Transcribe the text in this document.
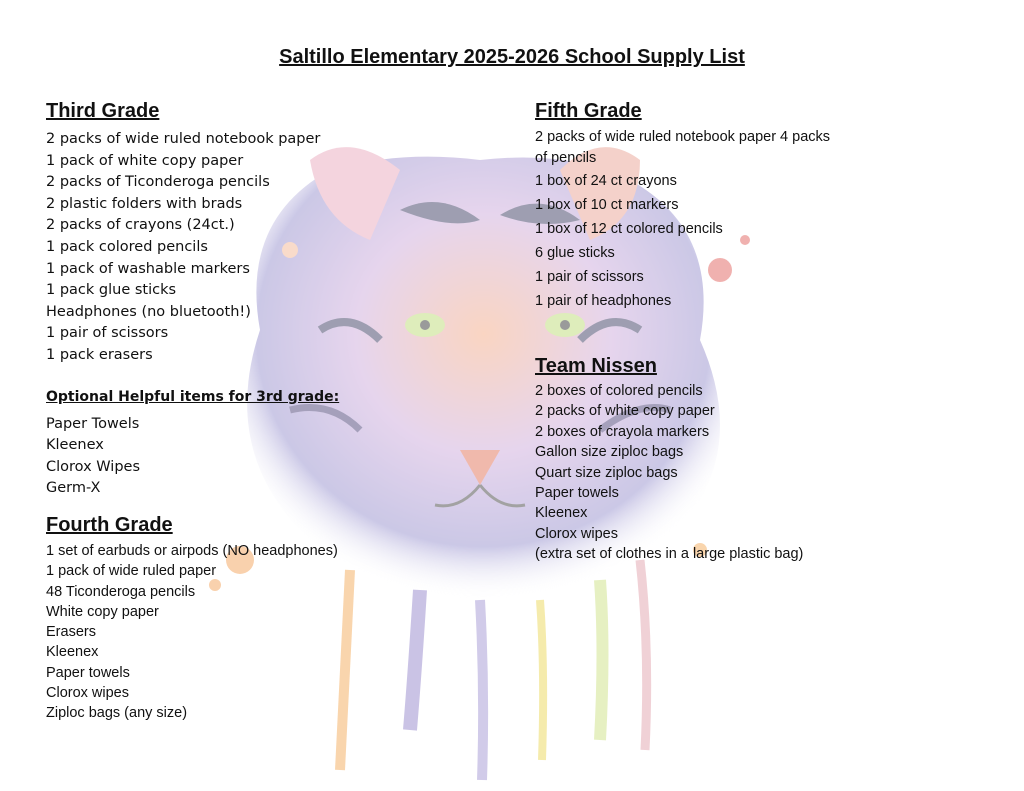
Saltillo Elementary 2025-2026 School Supply List
Third Grade
2 packs of wide ruled notebook paper
1 pack of white copy paper
2 packs of Ticonderoga pencils
2 plastic folders with brads
2 packs of crayons (24ct.)
1 pack colored pencils
1 pack of washable markers
1 pack glue sticks
Headphones (no bluetooth!)
1 pair of scissors
1 pack erasers
Optional Helpful items for 3rd grade:
Paper Towels
Kleenex
Clorox Wipes
Germ-X
Fourth Grade
1 set of earbuds or airpods (NO headphones)
1 pack of wide ruled paper
48 Ticonderoga pencils
White copy paper
Erasers
Kleenex
Paper towels
Clorox wipes
Ziploc bags (any size)
Fifth Grade
2 packs of wide ruled notebook paper 4 packs of pencils
1 box of 24 ct crayons
1 box of 10 ct markers
1 box of 12 ct colored pencils
6 glue sticks
1 pair of scissors
1 pair of headphones
Team Nissen
2 boxes of colored pencils
2 packs of white copy paper
2 boxes of crayola markers
Gallon size ziploc bags
Quart size ziploc bags
Paper towels
Kleenex
Clorox wipes
(extra set of clothes in a large plastic bag)
